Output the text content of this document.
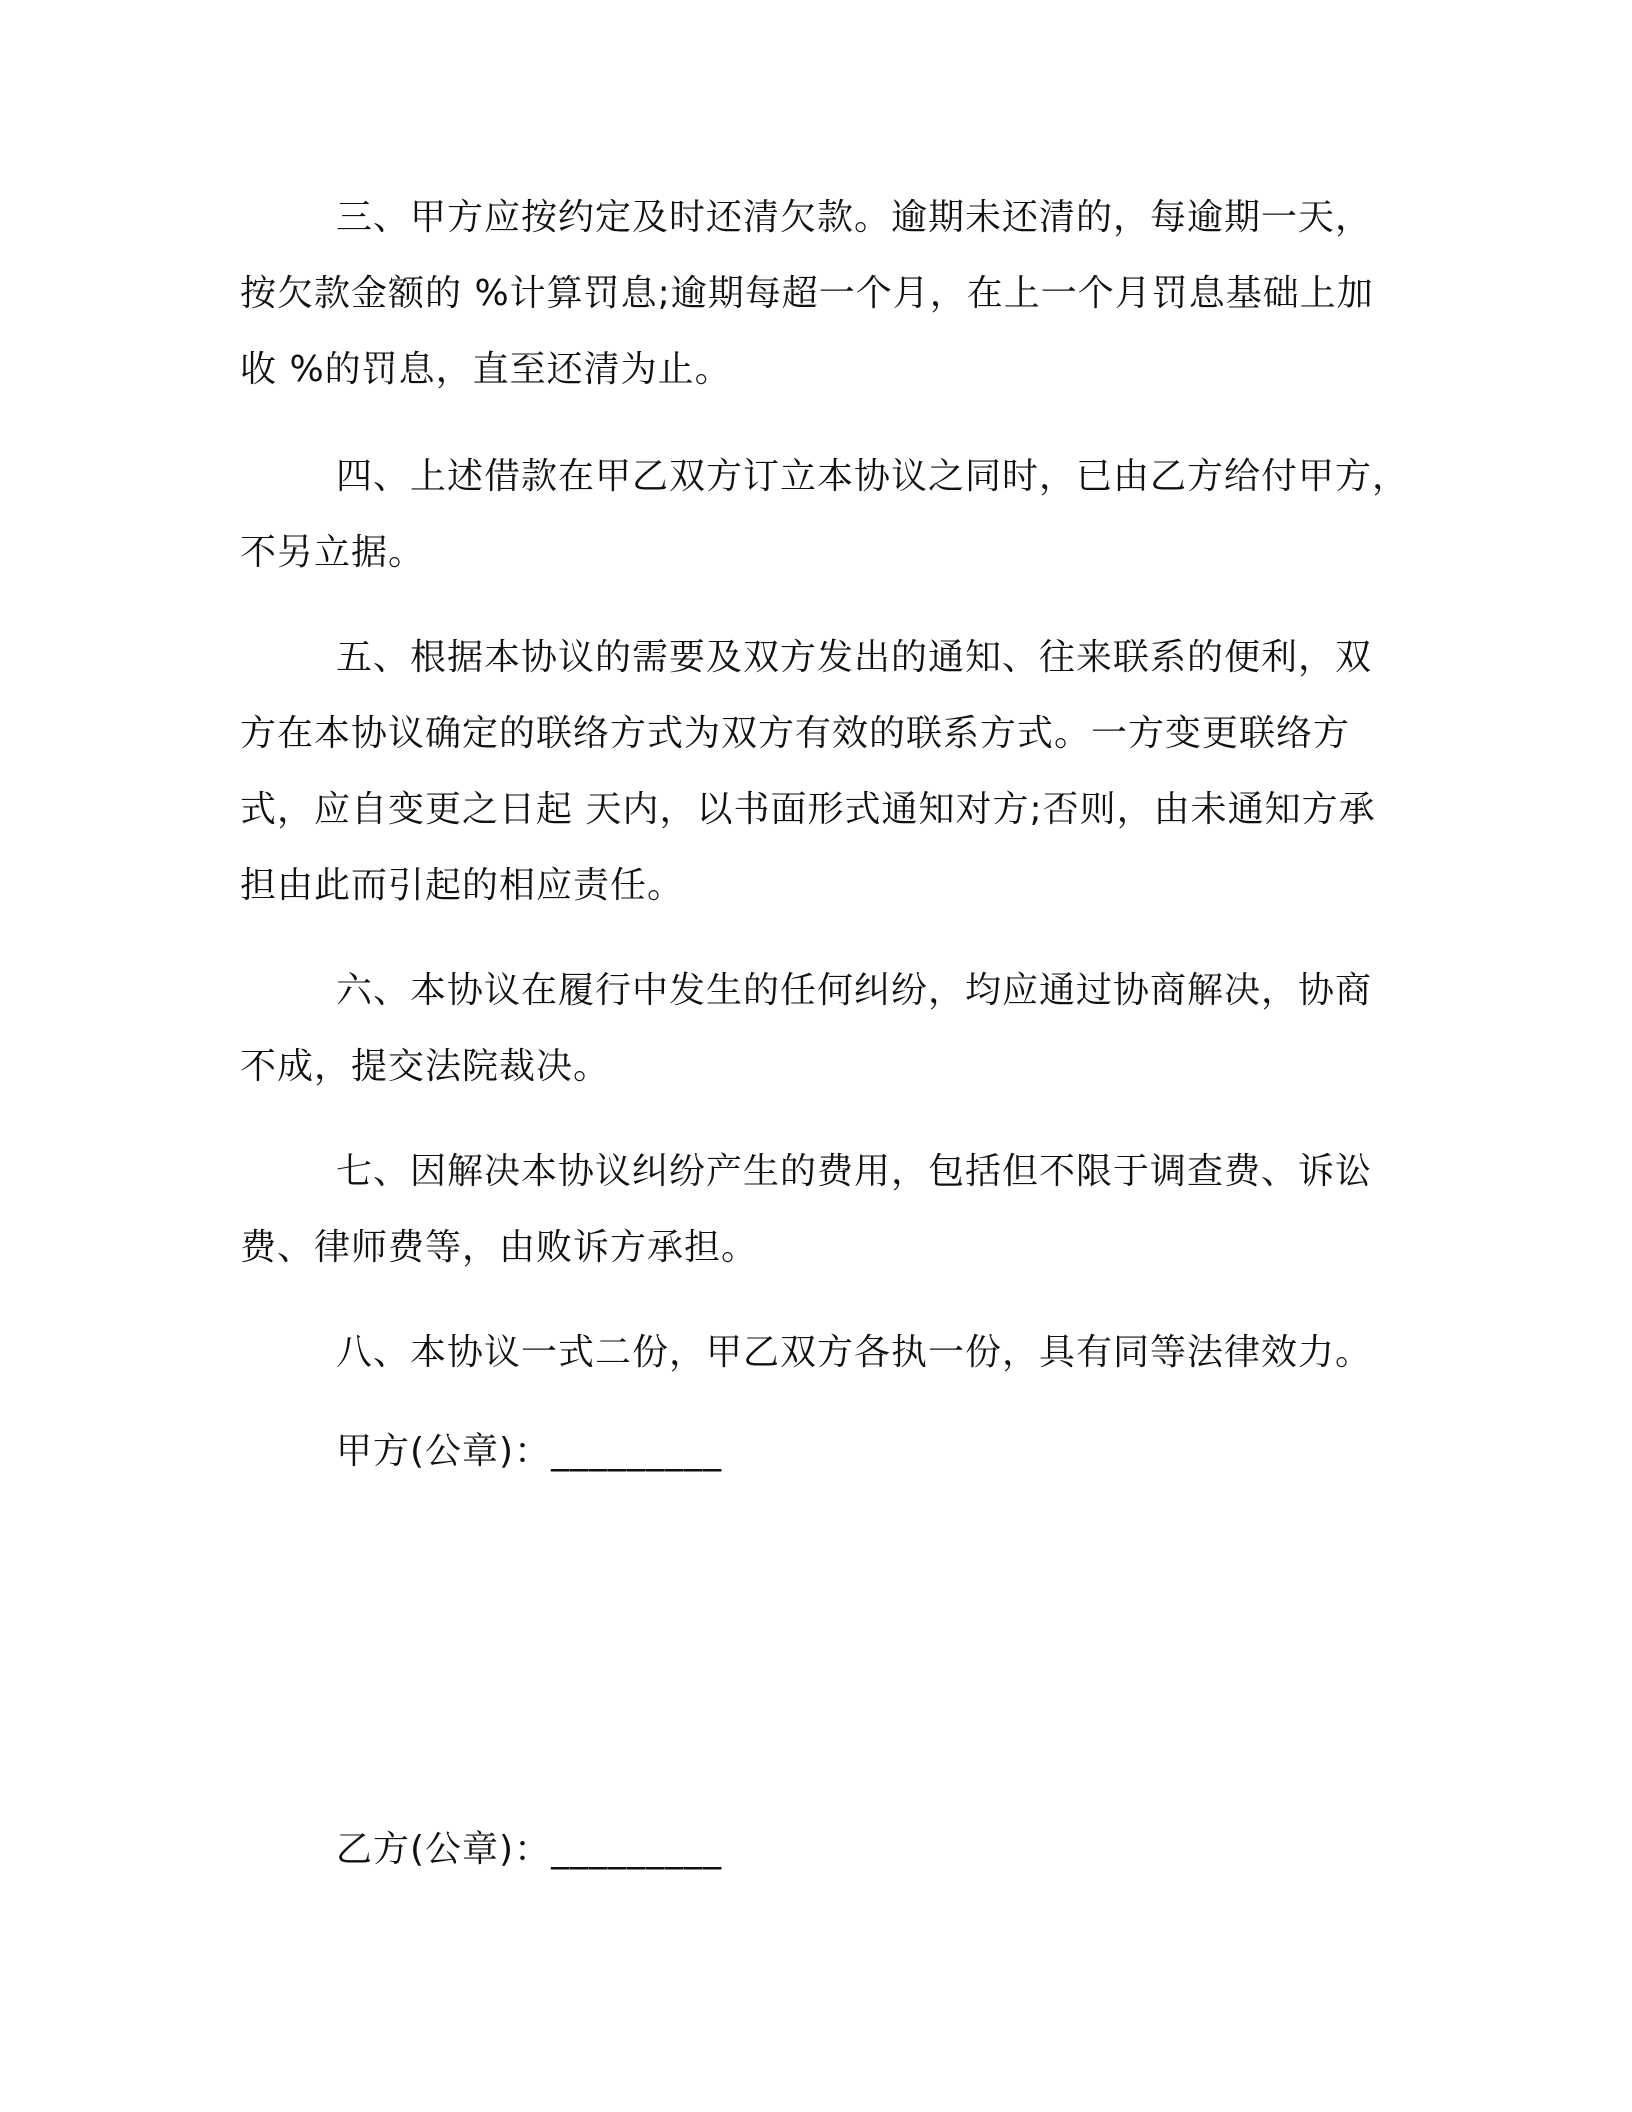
三、甲方应按约定及时还清欠款。逾期未还清的，每逾期一天，
按欠款金额的 %计算罚息;逾期每超一个月，在上一个月罚息基础上加
收 %的罚息，直至还清为止。
四、上述借款在甲乙双方订立本协议之同时，已由乙方给付甲方，
不另立据。
五、根据本协议的需要及双方发出的通知、往来联系的便利，双
方在本协议确定的联络方式为双方有效的联系方式。一方变更联络方
式，应自变更之日起 天内，以书面形式通知对方;否则，由未通知方承
担由此而引起的相应责任。
六、本协议在履行中发生的任何纠纷，均应通过协商解决，协商
不成，提交法院裁决。
七、因解决本协议纠纷产生的费用，包括但不限于调查费、诉讼
费、律师费等，由败诉方承担。
八、本协议一式二份，甲乙双方各执一份，具有同等法律效力。
甲方(公章)：_________
乙方(公章)：_________
